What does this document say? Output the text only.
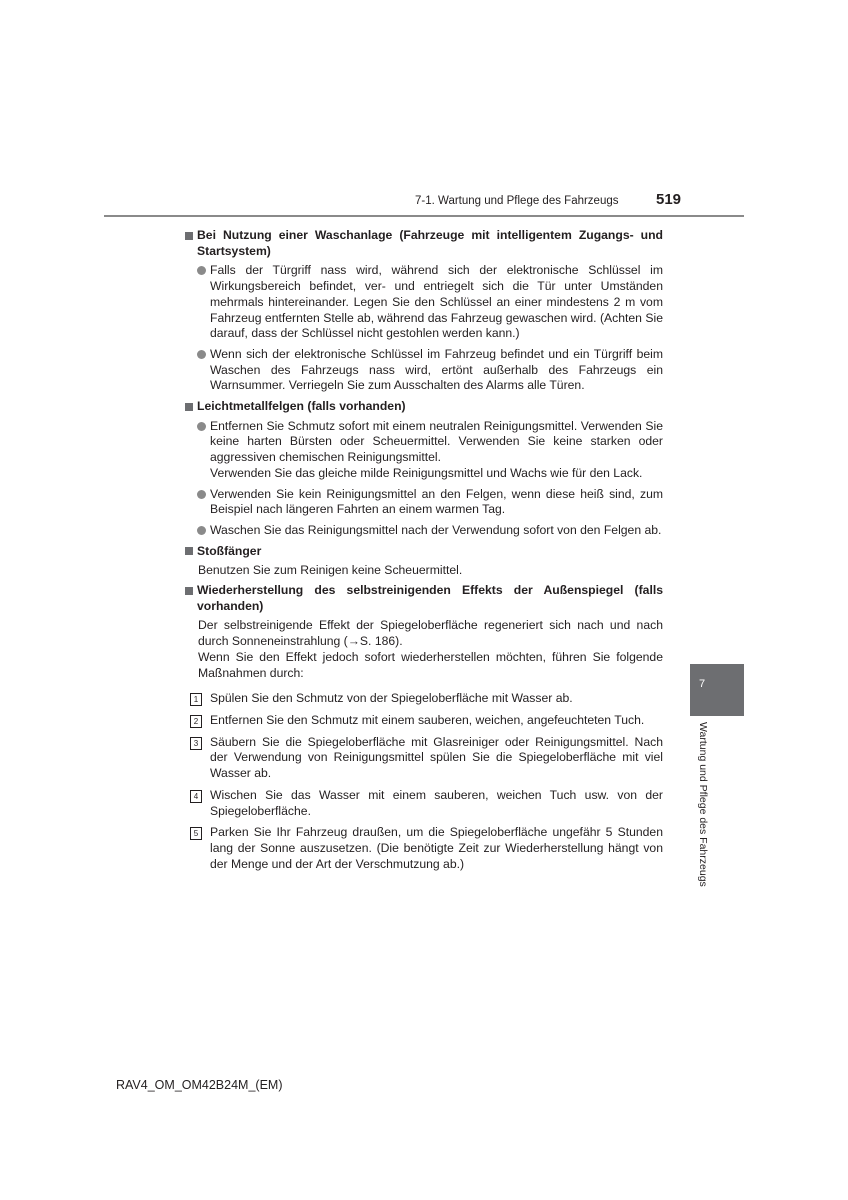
7-1. Wartung und Pflege des Fahrzeugs	519
7
Wartung und Pflege des Fahrzeugs
Bei Nutzung einer Waschanlage (Fahrzeuge mit intelligentem Zugangs- und Startsystem)
Falls der Türgriff nass wird, während sich der elektronische Schlüssel im Wirkungsbereich befindet, ver- und entriegelt sich die Tür unter Umständen mehrmals hintereinander. Legen Sie den Schlüssel an einer mindestens 2 m vom Fahrzeug entfernten Stelle ab, während das Fahrzeug gewaschen wird. (Achten Sie darauf, dass der Schlüssel nicht gestohlen werden kann.)
Wenn sich der elektronische Schlüssel im Fahrzeug befindet und ein Türgriff beim Waschen des Fahrzeugs nass wird, ertönt außerhalb des Fahrzeugs ein Warnsummer. Verriegeln Sie zum Ausschalten des Alarms alle Türen.
Leichtmetallfelgen (falls vorhanden)
Entfernen Sie Schmutz sofort mit einem neutralen Reinigungsmittel. Verwenden Sie keine harten Bürsten oder Scheuermittel. Verwenden Sie keine starken oder aggressiven chemischen Reinigungsmittel.
Verwenden Sie das gleiche milde Reinigungsmittel und Wachs wie für den Lack.
Verwenden Sie kein Reinigungsmittel an den Felgen, wenn diese heiß sind, zum Beispiel nach längeren Fahrten an einem warmen Tag.
Waschen Sie das Reinigungsmittel nach der Verwendung sofort von den Felgen ab.
Stoßfänger
Benutzen Sie zum Reinigen keine Scheuermittel.
Wiederherstellung des selbstreinigenden Effekts der Außenspiegel (falls vorhanden)
Der selbstreinigende Effekt der Spiegeloberfläche regeneriert sich nach und nach durch Sonneneinstrahlung (→S. 186).
Wenn Sie den Effekt jedoch sofort wiederherstellen möchten, führen Sie folgende Maßnahmen durch:
1 Spülen Sie den Schmutz von der Spiegeloberfläche mit Wasser ab.
2 Entfernen Sie den Schmutz mit einem sauberen, weichen, angefeuchteten Tuch.
3 Säubern Sie die Spiegeloberfläche mit Glasreiniger oder Reinigungsmittel. Nach der Verwendung von Reinigungsmittel spülen Sie die Spiegeloberfläche mit viel Wasser ab.
4 Wischen Sie das Wasser mit einem sauberen, weichen Tuch usw. von der Spiegeloberfläche.
5 Parken Sie Ihr Fahrzeug draußen, um die Spiegeloberfläche ungefähr 5 Stunden lang der Sonne auszusetzen. (Die benötigte Zeit zur Wiederherstellung hängt von der Menge und der Art der Verschmutzung ab.)
RAV4_OM_OM42B24M_(EM)
